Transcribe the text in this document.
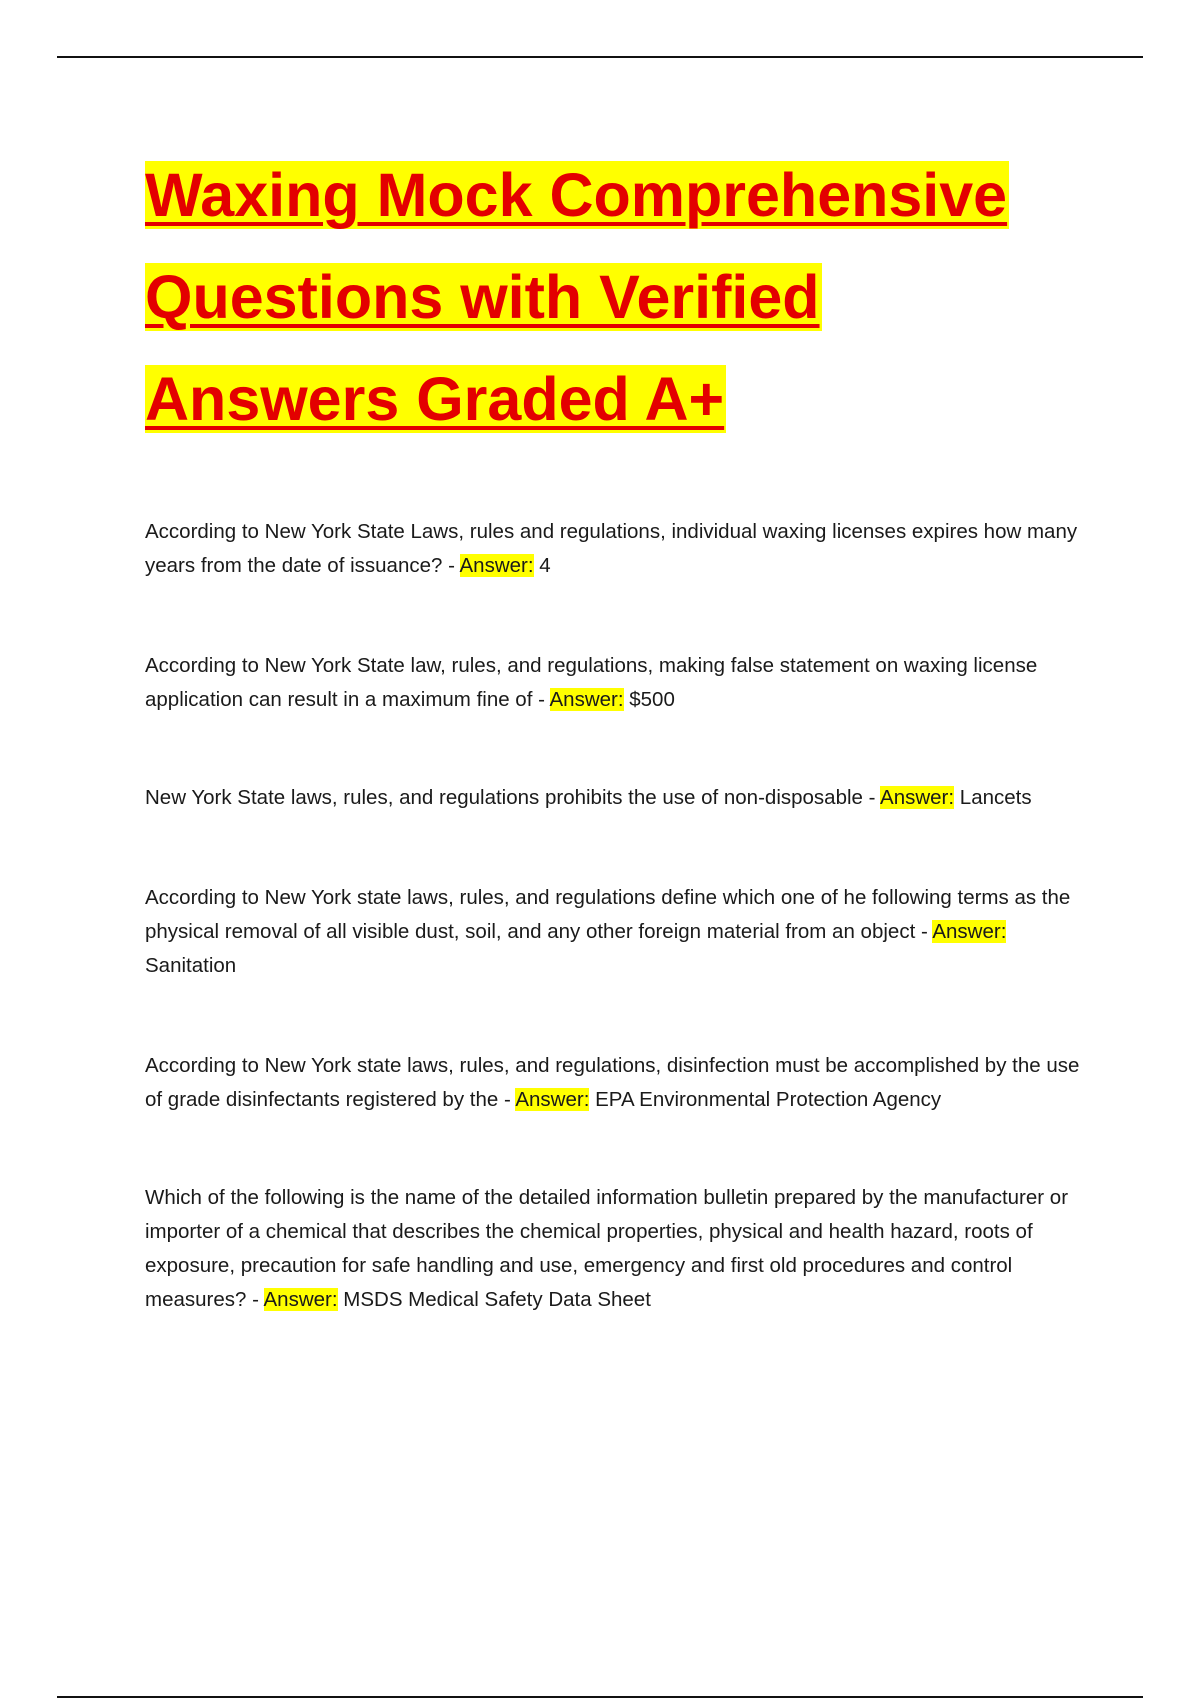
Waxing Mock Comprehensive
Questions with Verified
Answers Graded A+
According to New York State Laws, rules and regulations, individual waxing licenses expires how many years from the date of issuance? - Answer: 4
According to New York State law, rules, and regulations, making false statement on waxing license application can result in a maximum fine of - Answer: $500
New York State laws, rules, and regulations prohibits the use of non-disposable - Answer: Lancets
According to New York state laws, rules, and regulations define which one of he following terms as the physical removal of all visible dust, soil, and any other foreign material from an object - Answer: Sanitation
According to New York state laws, rules, and regulations, disinfection must be accomplished by the use of grade disinfectants registered by the - Answer: EPA Environmental Protection Agency
Which of the following is the name of the detailed information bulletin prepared by the manufacturer or importer of a chemical that describes the chemical properties, physical and health hazard, roots of exposure, precaution for safe handling and use, emergency and first old procedures and control measures? - Answer: MSDS Medical Safety Data Sheet
